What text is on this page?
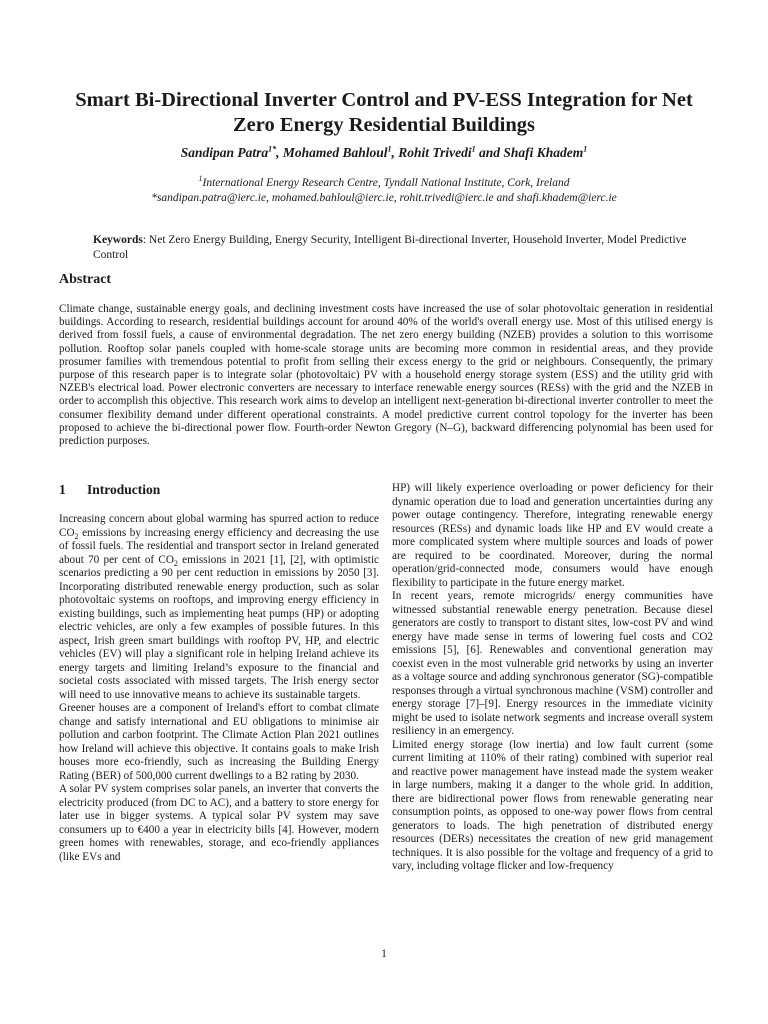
Smart Bi-Directional Inverter Control and PV-ESS Integration for Net Zero Energy Residential Buildings
Sandipan Patra$^{1*}$, Mohamed Bahloul$^1$, Rohit Trivedi$^1$ and Shafi Khadem$^1$
$^1$International Energy Research Centre, Tyndall National Institute, Cork, Ireland
*sandipan.patra@ierc.ie, mohamed.bahloul@ierc.ie, rohit.trivedi@ierc.ie and shafi.khadem@ierc.ie
Keywords: Net Zero Energy Building, Energy Security, Intelligent Bi-directional Inverter, Household Inverter, Model Predictive Control
Abstract

Climate change, sustainable energy goals, and declining investment costs have increased the use of solar photovoltaic generation in residential buildings. According to research, residential buildings account for around 40% of the world's overall energy use. Most of this utilised energy is derived from fossil fuels, a cause of environmental degradation. The net zero energy building (NZEB) provides a solution to this worrisome pollution. Rooftop solar panels coupled with home-scale storage units are becoming more common in residential areas, and they provide prosumer families with tremendous potential to profit from selling their excess energy to the grid or neighbours. Consequently, the primary purpose of this research paper is to integrate solar (photovoltaic) PV with a household energy storage system (ESS) and the utility grid with NZEB's electrical load. Power electronic converters are necessary to interface renewable energy sources (RESs) with the grid and the NZEB in order to accomplish this objective. This research work aims to develop an intelligent next-generation bi-directional inverter controller to meet the consumer flexibility demand under different operational constraints. A model predictive current control topology for the inverter has been proposed to achieve the bi-directional power flow. Fourth-order Newton Gregory (N–G), backward differencing polynomial has been used for prediction purposes.

1 Introduction

Increasing concern about global warming has spurred action to reduce $CO_2$ emissions by increasing energy efficiency and decreasing the use of fossil fuels. The residential and transport sector in Ireland generated about 70 per cent of $CO_2$ emissions in 2021 [1], [2], with optimistic scenarios predicting a 90 per cent reduction in emissions by 2050 [3]. Incorporating distributed renewable energy production, such as solar photovoltaic systems on rooftops, and improving energy efficiency in existing buildings, such as implementing heat pumps (HP) or adopting electric vehicles, are only a few examples of possible futures. In this aspect, Irish green smart buildings with rooftop PV, HP, and electric vehicles (EV) will play a significant role in helping Ireland achieve its energy targets and limiting Ireland’s exposure to the financial and societal costs associated with missed targets. The Irish energy sector will need to use innovative means to achieve its sustainable targets.

Greener houses are a component of Ireland's effort to combat climate change and satisfy international and EU obligations to minimise air pollution and carbon footprint. The Climate Action Plan 2021 outlines how Ireland will achieve this objective. It contains goals to make Irish houses more eco-friendly, such as increasing the Building Energy Rating (BER) of 500,000 current dwellings to a B2 rating by 2030.

A solar PV system comprises solar panels, an inverter that converts the electricity produced (from DC to AC), and a battery to store energy for later use in bigger systems. A typical solar PV system may save consumers up to €400 a year in electricity bills [4]. However, modern green homes with renewables, storage, and eco-friendly appliances (like EVs and

HP) will likely experience overloading or power deficiency for their dynamic operation due to load and generation uncertainties during any power outage contingency. Therefore, integrating renewable energy resources (RESs) and dynamic loads like HP and EV would create a more complicated system where multiple sources and loads of power are required to be coordinated. Moreover, during the normal operation/grid-connected mode, consumers would have enough flexibility to participate in the future energy market.

In recent years, remote microgrids/ energy communities have witnessed substantial renewable energy penetration. Because diesel generators are costly to transport to distant sites, low-cost PV and wind energy have made sense in terms of lowering fuel costs and CO2 emissions [5], [6]. Renewables and conventional generation may coexist even in the most vulnerable grid networks by using an inverter as a voltage source and adding synchronous generator (SG)-compatible responses through a virtual synchronous machine (VSM) controller and energy storage [7]–[9]. Energy resources in the immediate vicinity might be used to isolate network segments and increase overall system resiliency in an emergency.

Limited energy storage (low inertia) and low fault current (some current limiting at 110% of their rating) combined with superior real and reactive power management have instead made the system weaker in large numbers, making it a danger to the whole grid. In addition, there are bidirectional power flows from renewable generating near consumption points, as opposed to one-way power flows from central generators to loads. The high penetration of distributed energy resources (DERs) necessitates the creation of new grid management techniques. It is also possible for the voltage and frequency of a grid to vary, including voltage flicker and low-frequency

1
